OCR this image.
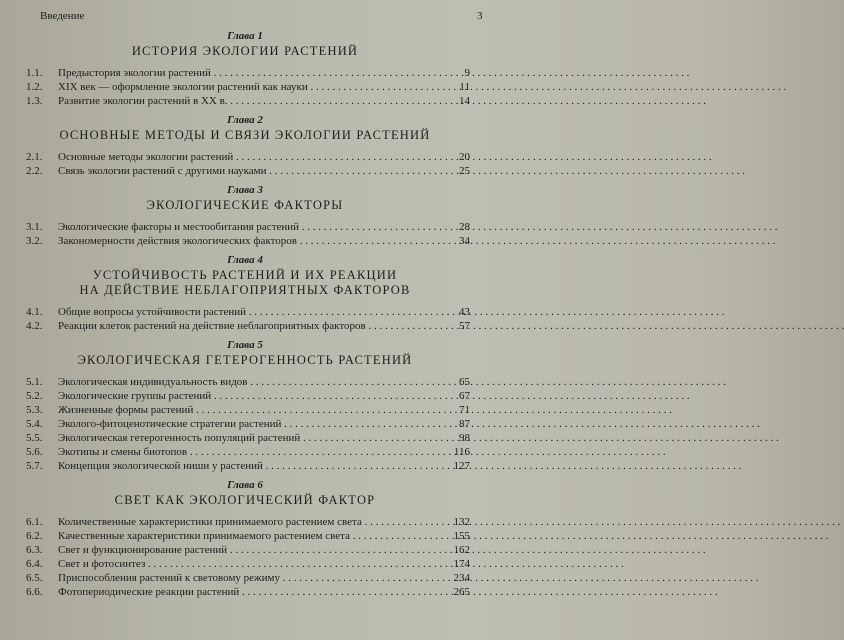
Введение	3
Глава 1
ИСТОРИЯ ЭКОЛОГИИ РАСТЕНИЙ
1.1.	Предыстория экологии растений . . .	9
1.2.	XIX век — оформление экологии растений как науки . . .	11
1.3.	Развитие экологии растений в XX в. . . .	14
Глава 2
ОСНОВНЫЕ МЕТОДЫ И СВЯЗИ ЭКОЛОГИИ РАСТЕНИЙ
2.1.	Основные методы экологии растений . . .	20
2.2.	Связь экологии растений с другими науками . . .	25
Глава 3
ЭКОЛОГИЧЕСКИЕ ФАКТОРЫ
3.1.	Экологические факторы и местообитания растений . . .	28
3.2.	Закономерности действия экологических факторов . . .	34
Глава 4
УСТОЙЧИВОСТЬ РАСТЕНИЙ И ИХ РЕАКЦИИ
НА ДЕЙСТВИЕ НЕБЛАГОПРИЯТНЫХ ФАКТОРОВ
4.1.	Общие вопросы устойчивости растений . . .	43
4.2.	Реакции клеток растений на действие неблагоприятных факторов . . .	57
Глава 5
ЭКОЛОГИЧЕСКАЯ ГЕТЕРОГЕННОСТЬ РАСТЕНИЙ
5.1.	Экологическая индивидуальность видов . . .	65
5.2.	Экологические группы растений . . .	67
5.3.	Жизненные формы растений . . .	71
5.4.	Эколого-фитоценотические стратегии растений . . .	87
5.5.	Экологическая гетерогенность популяций растений . . .	98
5.6.	Экотипы и смены биотопов . . .	116
5.7.	Концепция экологической ниши у растений . . .	127
Глава 6
СВЕТ КАК ЭКОЛОГИЧЕСКИЙ ФАКТОР
6.1.	Количественные характеристики принимаемого растением света . . .	132
6.2.	Качественные характеристики принимаемого растением света . . .	155
6.3.	Свет и функционирование растений . . .	162
6.4.	Свет и фотосинтез . . .	174
6.5.	Приспособления растений к световому режиму . . .	234
6.6.	Фотопериодические реакции растений . . .	265
